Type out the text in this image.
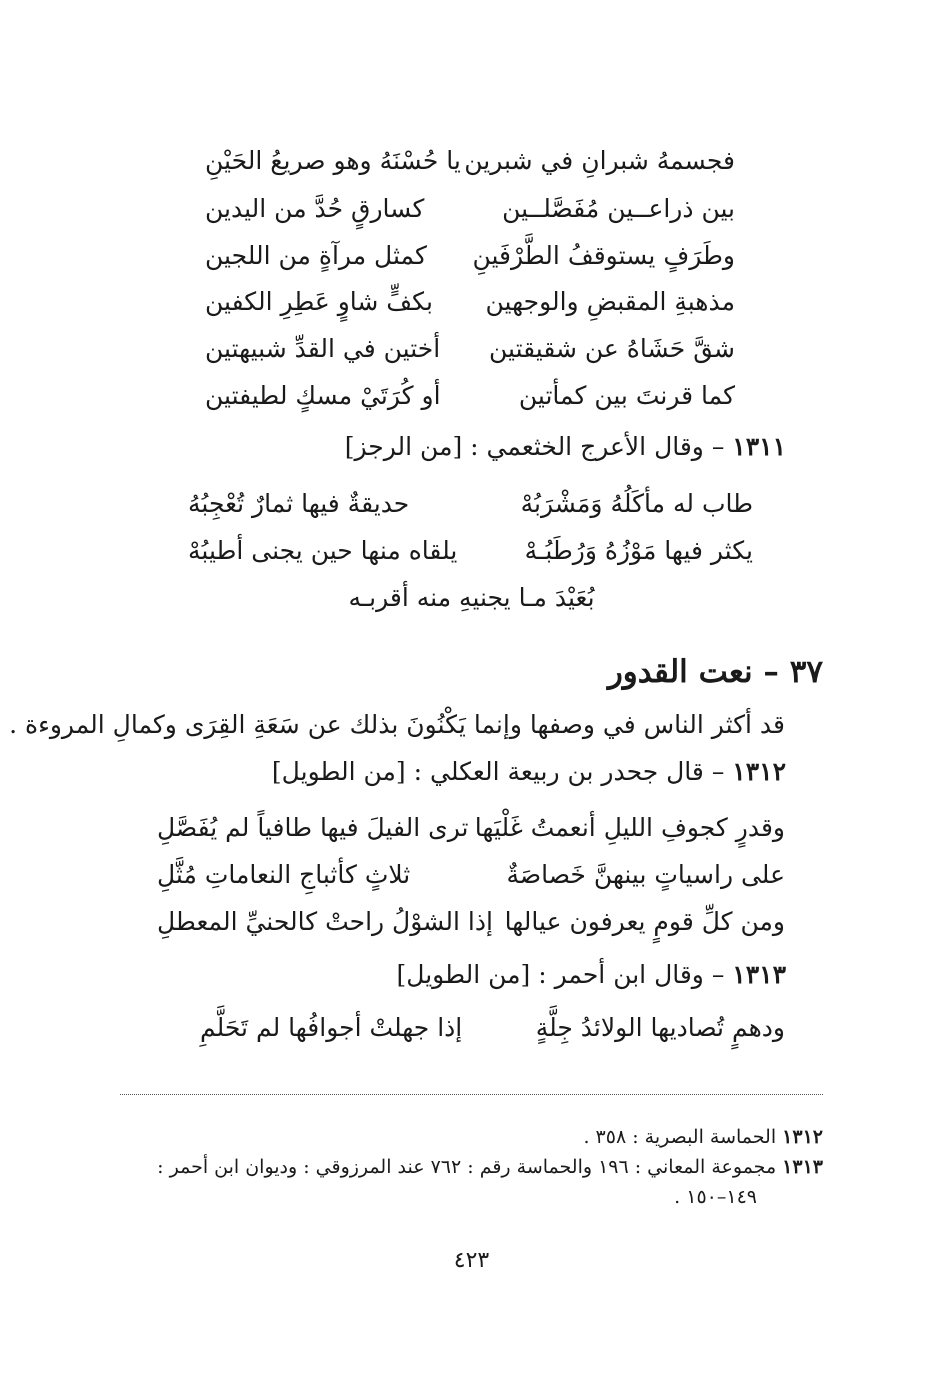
فجسمهُ شبرانِ في شبرين
يا حُسْنَهُ وهو صريعُ الحَيْنِ
بين ذراعــين مُفَصَّلــين
كسارقٍ حُدَّ من اليدين
وطَرَفٍ يستوقفُ الطَّرْفَينِ
كمثل مرآةٍ من اللجين
مذهبةِ المقبضِ والوجهين
بكفٍّ شاوٍ عَطِرِ الكفين
شقَّ حَشَاهُ عن شقيقتين
أختين في القدِّ شبيهتين
كما قرنتَ بين كمأتين
أو كُرَتَيْ مسكٍ لطيفتين
١٣١١ – وقال الأعرج الخثعمي : [من الرجز]
طاب له مأكَلُهُ وَمَشْرَبُهْ
حديقةٌ فيها ثمارٌ تُعْجِبُهُ
يكثر فيها مَوْزُهُ وَرُطَبُـهْ
يلقاه منها حين يجنى أطيبُهْ
بُعَيْدَ مـا يجنيهِ منه أقربـه
٣٧ – نعت القدور
قد أكثر الناس في وصفها وإنما يَكْنُونَ بذلك عن سَعَةِ القِرَى وكمالِ المروءة .
١٣١٢ – قال جحدر بن ربيعة العكلي : [من الطويل]
وقدرٍ كجوفِ الليلِ أنعمتُ غَلْيَها
ترى الفيلَ فيها طافياً لم يُفَصَّلِ
على راسياتٍ بينهنَّ خَصاصَةٌ
ثلاثٍ كأثباجِ النعاماتِ مُثَّلِ
ومن كلِّ قومٍ يعرفون عيالها
إذا الشوْلُ راحتْ كالحنيِّ المعطلِ
١٣١٣ – وقال ابن أحمر : [من الطويل]
ودهمٍ تُصاديها الولائدُ جِلَّةٍ
إذا جهلتْ أجوافُها لم تَحَلَّمِ
١٣١٢ الحماسة البصرية : ٣٥٨ .
١٣١٣ مجموعة المعاني : ١٩٦ والحماسة رقم : ٧٦٢ عند المرزوقي : وديوان ابن أحمر :
١٤٩–١٥٠ .
٤٢٣
